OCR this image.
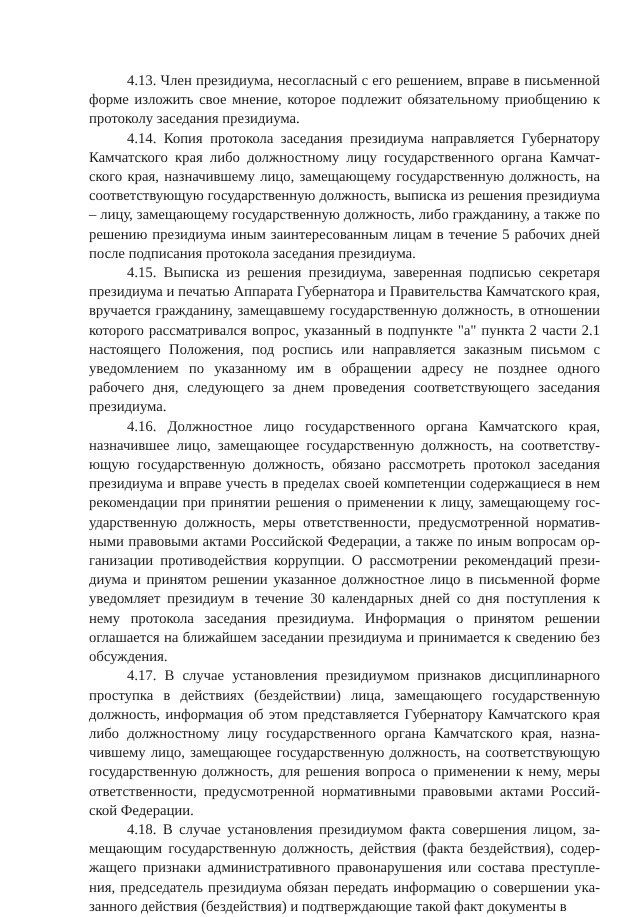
4.13. Член президиума, несогласный с его решением, вправе в письменной форме изложить свое мнение, которое подлежит обязательному приобщению к протоколу заседания президиума.

4.14. Копия протокола заседания президиума направляется Губернатору Камчатского края либо должностному лицу государственного органа Камчатского края, назначившему лицо, замещающему государственную должность, на соответствующую государственную должность, выписка из решения президиума – лицу, замещающему государственную должность, либо гражданину, а также по решению президиума иным заинтересованным лицам в течение 5 рабочих дней после подписания протокола заседания президиума.

4.15. Выписка из решения президиума, заверенная подписью секретаря президиума и печатью Аппарата Губернатора и Правительства Камчатского края, вручается гражданину, замещавшему государственную должность, в отношении которого рассматривался вопрос, указанный в подпункте "а" пункта 2 части 2.1 настоящего Положения, под роспись или направляется заказным письмом с уведомлением по указанному им в обращении адресу не позднее одного рабочего дня, следующего за днем проведения соответствующего заседания президиума.

4.16. Должностное лицо государственного органа Камчатского края, назначившее лицо, замещающее государственную должность, на соответствующую государственную должность, обязано рассмотреть протокол заседания президиума и вправе учесть в пределах своей компетенции содержащиеся в нем рекомендации при принятии решения о применении к лицу, замещающему государственную должность, меры ответственности, предусмотренной нормативными правовыми актами Российской Федерации, а также по иным вопросам организации противодействия коррупции. О рассмотрении рекомендаций президиума и принятом решении указанное должностное лицо в письменной форме уведомляет президиум в течение 30 календарных дней со дня поступления к нему протокола заседания президиума. Информация о принятом решении оглашается на ближайшем заседании президиума и принимается к сведению без обсуждения.

4.17. В случае установления президиумом признаков дисциплинарного проступка в действиях (бездействии) лица, замещающего государственную должность, информация об этом представляется Губернатору Камчатского края либо должностному лицу государственного органа Камчатского края, назначившему лицо, замещающее государственную должность, на соответствующую государственную должность, для решения вопроса о применении к нему, меры ответственности, предусмотренной нормативными правовыми актами Российской Федерации.

4.18. В случае установления президиумом факта совершения лицом, замещающим государственную должность, действия (факта бездействия), содержащего признаки административного правонарушения или состава преступления, председатель президиума обязан передать информацию о совершении указанного действия (бездействия) и подтверждающие такой факт документы в
